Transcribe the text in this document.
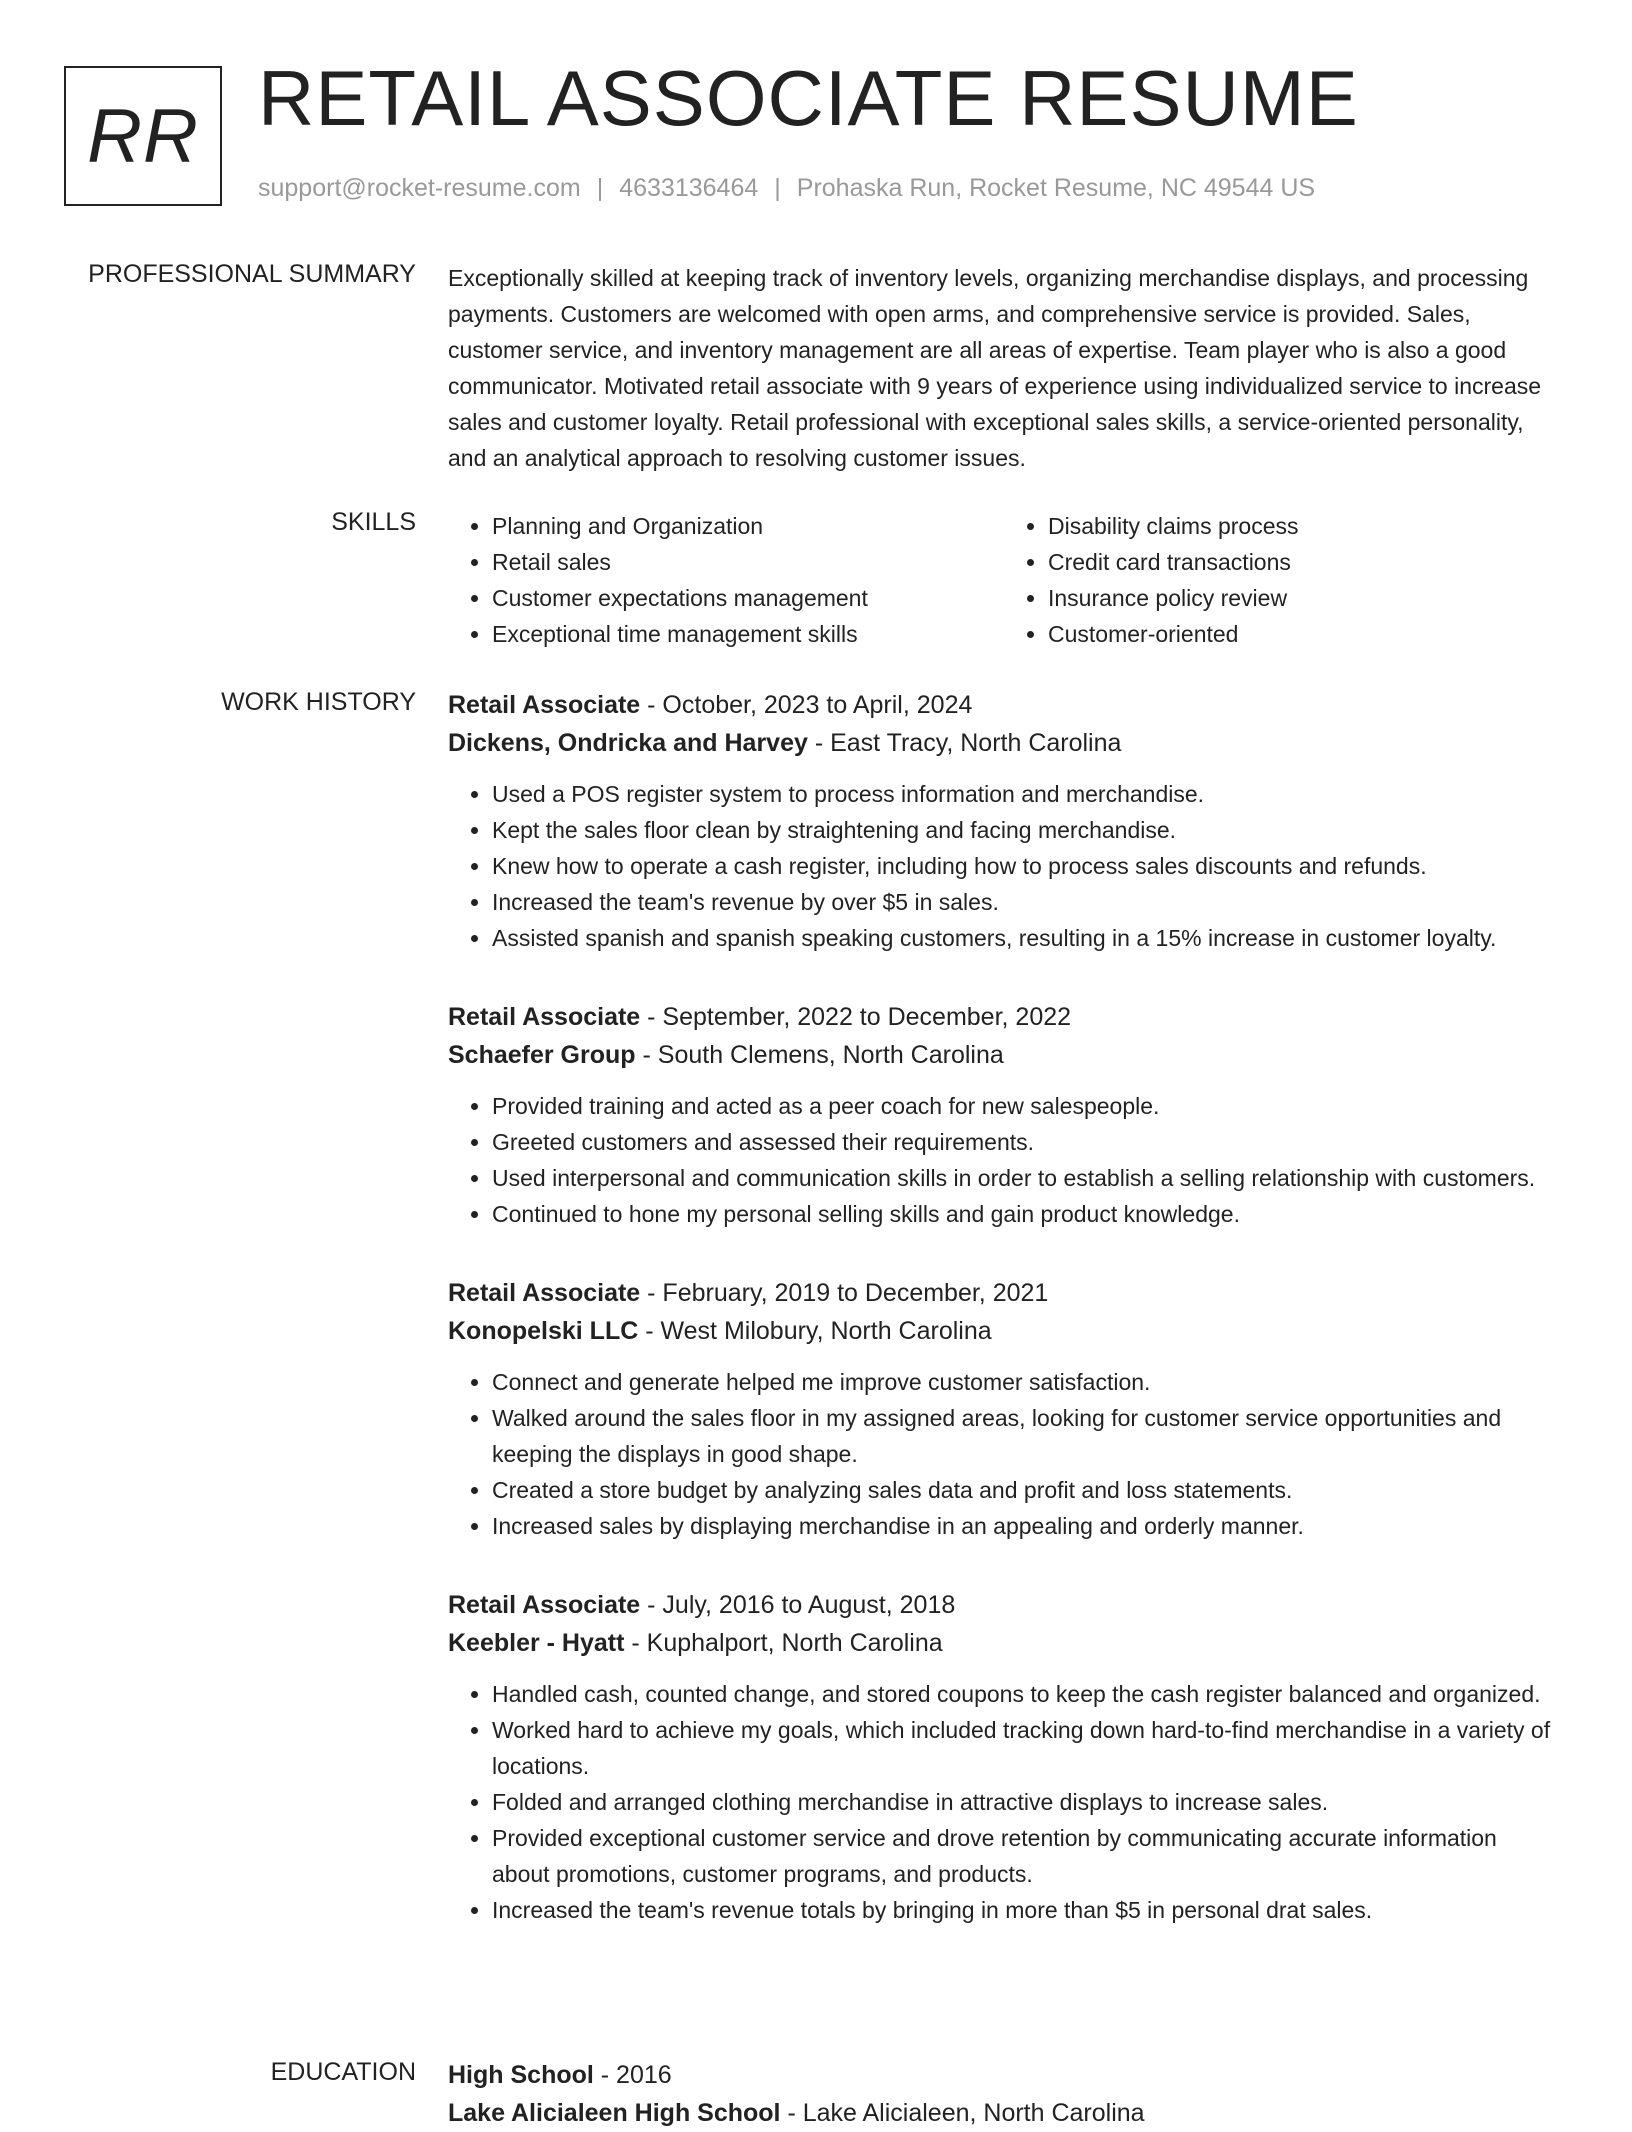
RR RETAIL ASSOCIATE RESUME
support@rocket-resume.com | 4633136464 | Prohaska Run, Rocket Resume, NC 49544 US
PROFESSIONAL SUMMARY Exceptionally skilled at keeping track of inventory levels, organizing merchandise displays, and processing payments. Customers are welcomed with open arms, and comprehensive service is provided. Sales, customer service, and inventory management are all areas of expertise. Team player who is also a good communicator. Motivated retail associate with 9 years of experience using individualized service to increase sales and customer loyalty. Retail professional with exceptional sales skills, a service-oriented personality, and an analytical approach to resolving customer issues.

SKILLS
•	Planning and Organization
• Retail sales
• Customer expectations management
• Exceptional time management skills
• Disability claims process
• Credit card transactions
• Insurance policy review
• Customer-oriented
WORK HISTORY Retail Associate - October, 2023 to April, 2024
Dickens, Ondricka and Harvey - East Tracy, North Carolina
• Used a POS register system to process information and merchandise.
• Kept the sales floor clean by straightening and facing merchandise.
• Knew how to operate a cash register, including how to process sales discounts and refunds.
• Increased the team's revenue by over $5 in sales.
• Assisted spanish and spanish speaking customers, resulting in a 15% increase in customer loyalty.
Retail Associate - September, 2022 to December, 2022
Schaefer Group - South Clemens, North Carolina
• Provided training and acted as a peer coach for new salespeople.
• Greeted customers and assessed their requirements.
• Used interpersonal and communication skills in order to establish a selling relationship with customers.
• Continued to hone my personal selling skills and gain product knowledge.
Retail Associate - February, 2019 to December, 2021
Konopelski LLC - West Milobury, North Carolina
• Connect and generate helped me improve customer satisfaction.
• Walked around the sales floor in my assigned areas, looking for customer service opportunities and keeping the displays in good shape.
• Created a store budget by analyzing sales data and profit and loss statements.
• Increased sales by displaying merchandise in an appealing and orderly manner.
Retail Associate - July, 2016 to August, 2018
Keebler - Hyatt - Kuphalport, North Carolina
• Handled cash, counted change, and stored coupons to keep the cash register balanced and organized.
• Worked hard to achieve my goals, which included tracking down hard-to-find merchandise in a variety of locations.
• Folded and arranged clothing merchandise in attractive displays to increase sales.
• Provided exceptional customer service and drove retention by communicating accurate information about promotions, customer programs, and products.
• Increased the team's revenue totals by bringing in more than $5 in personal drat sales.
EDUCATION High School - 2016
Lake Alicialeen High School - Lake Alicialeen, North Carolina
